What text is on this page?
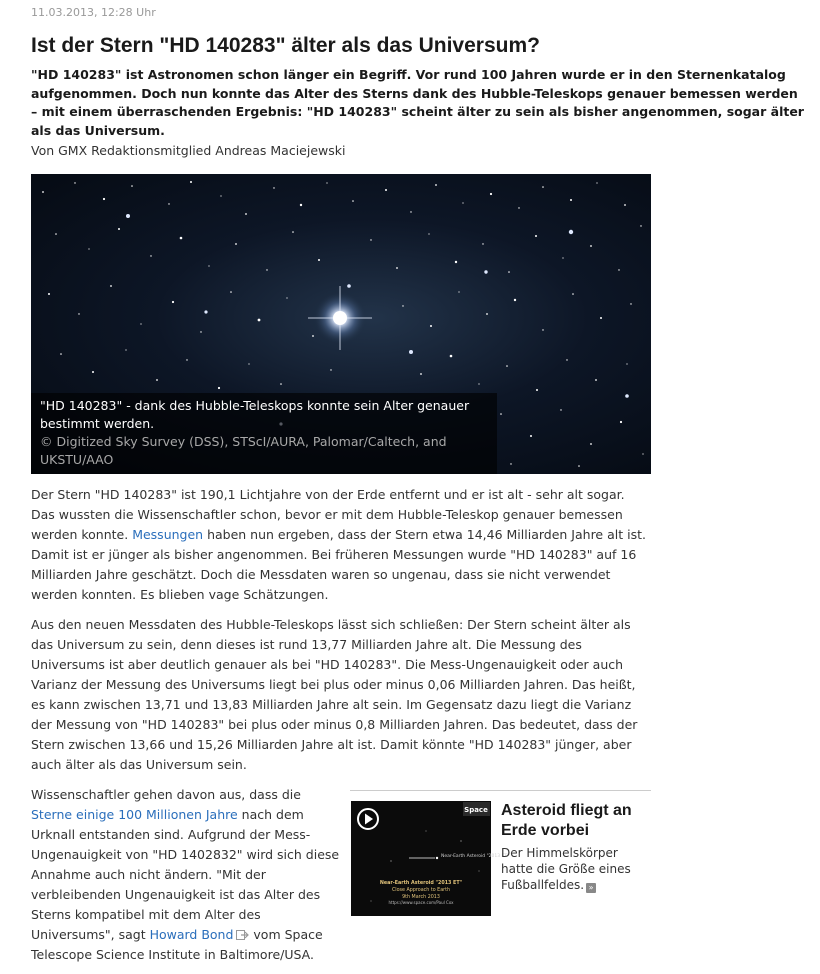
11.03.2013, 12:28 Uhr
Ist der Stern "HD 140283" älter als das Universum?

"HD 140283" ist Astronomen schon länger ein Begriff. Vor rund 100 Jahren wurde er in den Sternenkatalog aufgenommen. Doch nun konnte das Alter des Sterns dank des Hubble-Teleskops genauer bemessen werden – mit einem überraschenden Ergebnis: "HD 140283" scheint älter zu sein als bisher angenommen, sogar älter als das Universum.

Von GMX Redaktionsmitglied Andreas Maciejewski
"HD 140283" - dank des Hubble-Teleskops konnte sein Alter genauer bestimmt werden.
© Digitized Sky Survey (DSS), STScI/AURA, Palomar/Caltech, and UKSTU/AAO

Der Stern "HD 140283" ist 190,1 Lichtjahre von der Erde entfernt und er ist alt - sehr alt sogar. Das wussten die Wissenschaftler schon, bevor er mit dem Hubble-Teleskop genauer bemessen werden konnte. Messungen haben nun ergeben, dass der Stern etwa 14,46 Milliarden Jahre alt ist. Damit ist er jünger als bisher angenommen. Bei früheren Messungen wurde "HD 140283" auf 16 Milliarden Jahre geschätzt. Doch die Messdaten waren so ungenau, dass sie nicht verwendet werden konnten. Es blieben vage Schätzungen.

Aus den neuen Messdaten des Hubble-Teleskops lässt sich schließen: Der Stern scheint älter als das Universum zu sein, denn dieses ist rund 13,77 Milliarden Jahre alt. Die Messung des Universums ist aber deutlich genauer als bei "HD 140283". Die Mess-Ungenauigkeit oder auch Varianz der Messung des Universums liegt bei plus oder minus 0,06 Milliarden Jahren. Das heißt, es kann zwischen 13,71 und 13,83 Milliarden Jahre alt sein. Im Gegensatz dazu liegt die Varianz der Messung von "HD 140283" bei plus oder minus 0,8 Milliarden Jahren. Das bedeutet, dass der Stern zwischen 13,66 und 15,26 Milliarden Jahre alt ist. Damit könnte "HD 140283" jünger, aber auch älter als das Universum sein.

Wissenschaftler gehen davon aus, dass die Sterne einige 100 Millionen Jahre nach dem Urknall entstanden sind. Aufgrund der Mess-Ungenauigkeit von "HD 1402832" wird sich diese Annahme auch nicht ändern. "Mit der verbleibenden Ungenauigkeit ist das Alter des Sterns kompatibel mit dem Alter des Universums", sagt Howard Bond vom Space Telescope Science Institute in Baltimore/USA.

Near-Earth Asteroid "2013 ET"
Near-Earth Asteroid "2013 ET"
Close Approach to Earth
9th March 2013
https://www.space.com/Paul Cox
Space Asteroid fliegt an Erde vorbei

Der Himmelskörper hatte die Größe eines Fußballfeldes. »
